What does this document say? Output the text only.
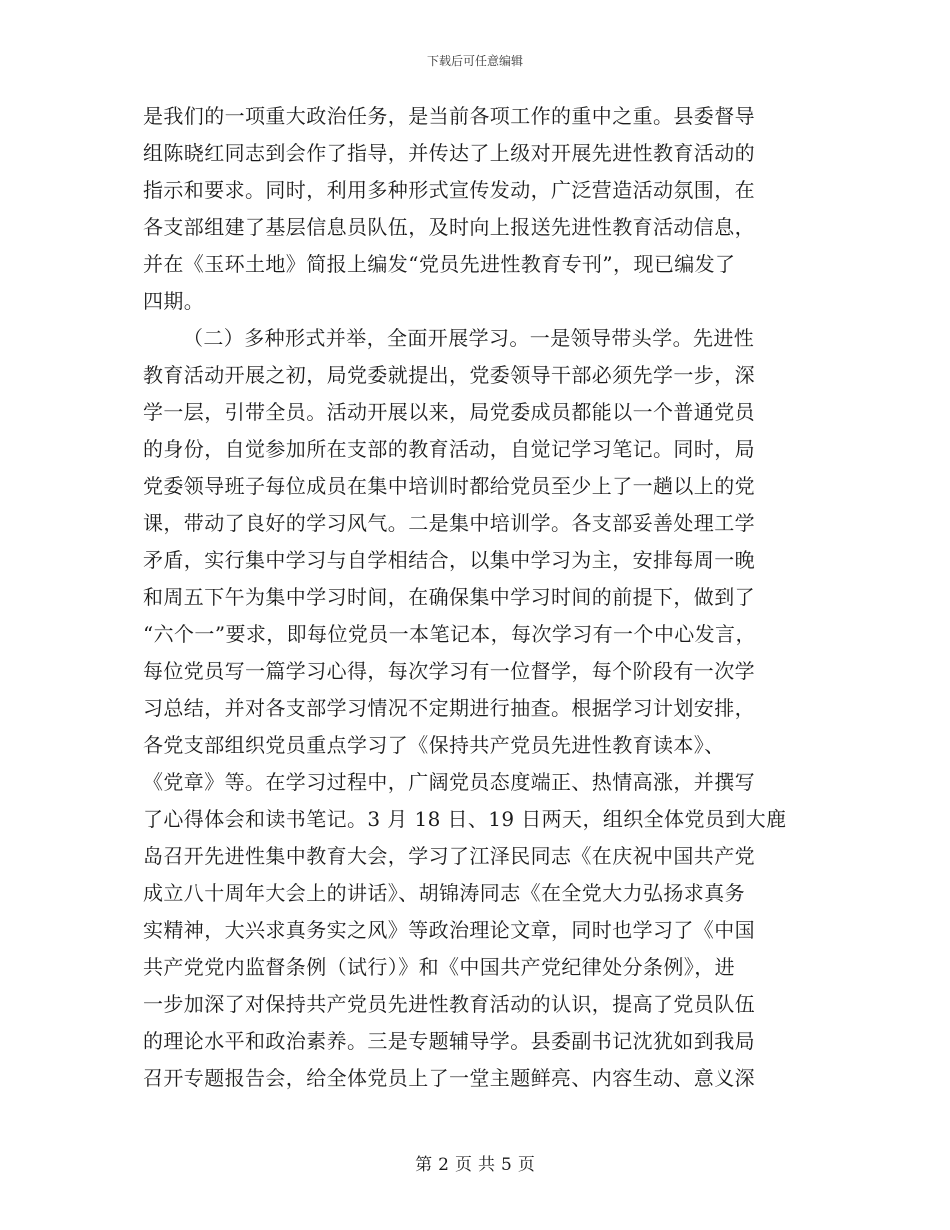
下载后可任意编辑
是我们的一项重大政治任务，是当前各项工作的重中之重。县委督导
组陈晓红同志到会作了指导，并传达了上级对开展先进性教育活动的
指示和要求。同时，利用多种形式宣传发动，广泛营造活动氛围，在
各支部组建了基层信息员队伍，及时向上报送先进性教育活动信息，
并在《玉环土地》简报上编发“党员先进性教育专刊”，现已编发了
四期。
（二）多种形式并举，全面开展学习。一是领导带头学。先进性
教育活动开展之初，局党委就提出，党委领导干部必须先学一步，深
学一层，引带全员。活动开展以来，局党委成员都能以一个普通党员
的身份，自觉参加所在支部的教育活动，自觉记学习笔记。同时，局
党委领导班子每位成员在集中培训时都给党员至少上了一趟以上的党
课，带动了良好的学习风气。二是集中培训学。各支部妥善处理工学
矛盾，实行集中学习与自学相结合，以集中学习为主，安排每周一晚
和周五下午为集中学习时间，在确保集中学习时间的前提下，做到了
“六个一”要求，即每位党员一本笔记本，每次学习有一个中心发言，
每位党员写一篇学习心得，每次学习有一位督学，每个阶段有一次学
习总结，并对各支部学习情况不定期进行抽查。根据学习计划安排，
各党支部组织党员重点学习了《保持共产党员先进性教育读本》、
《党章》等。在学习过程中，广阔党员态度端正、热情高涨，并撰写
了心得体会和读书笔记。3 月 18 日、19 日两天，组织全体党员到大鹿
岛召开先进性集中教育大会，学习了江泽民同志《在庆祝中国共产党
成立八十周年大会上的讲话》、胡锦涛同志《在全党大力弘扬求真务
实精神，大兴求真务实之风》等政治理论文章，同时也学习了《中国
共产党党内监督条例（试行）》和《中国共产党纪律处分条例》，进
一步加深了对保持共产党员先进性教育活动的认识，提高了党员队伍
的理论水平和政治素养。三是专题辅导学。县委副书记沈犹如到我局
召开专题报告会，给全体党员上了一堂主题鲜亮、内容生动、意义深
第 2 页 共 5 页
